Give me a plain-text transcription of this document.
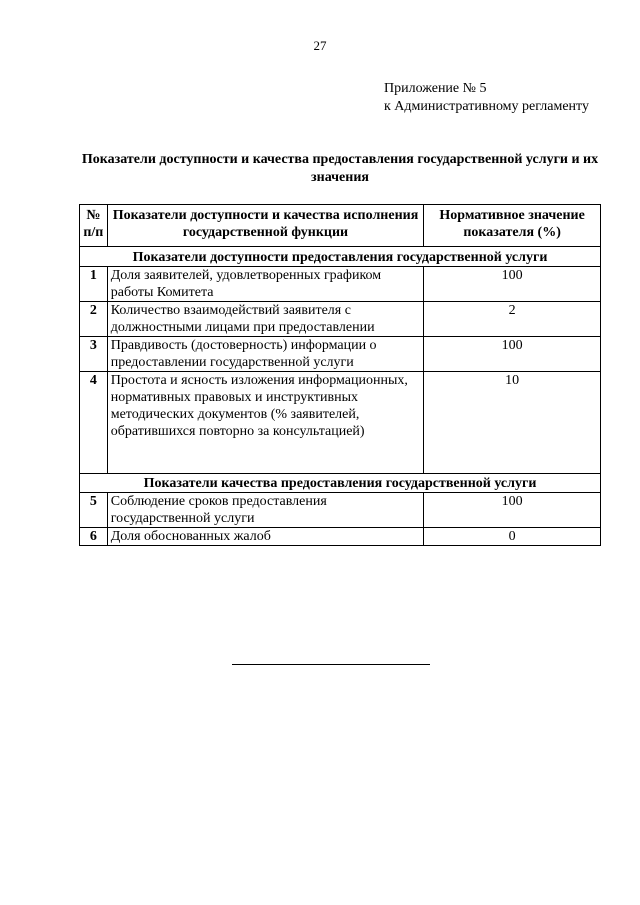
27
Приложение № 5
к Административному регламенту
Показатели доступности и качества предоставления государственной услуги и их значения
№ п/п	Показатели доступности и качества исполнения государственной функции	Нормативное значение показателя (%)
Показатели доступности предоставления государственной услуги		
1	Доля заявителей, удовлетворенных графиком работы Комитета	100
2	Количество взаимодействий заявителя с должностными лицами при предоставлении	2
3	Правдивость (достоверность) информации о предоставлении государственной услуги	100
4	Простота и ясность изложения информационных, нормативных правовых и инструктивных методических документов (% заявителей, обратившихся повторно за консультацией)	10
Показатели качества предоставления государственной услуги		
5	Соблюдение сроков предоставления государственной услуги	100
6	Доля обоснованных жалоб	0
